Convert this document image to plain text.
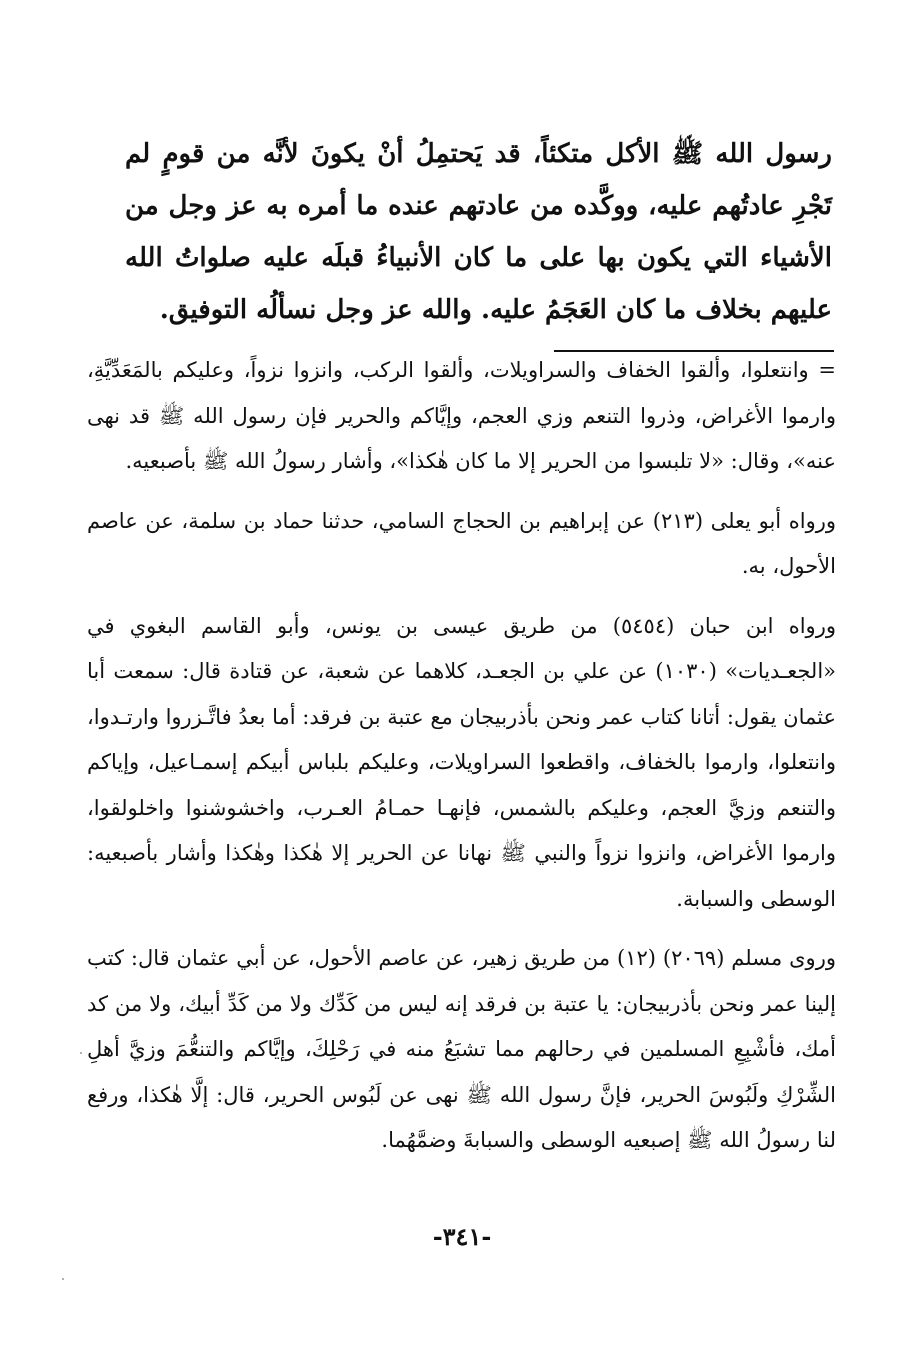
رسول الله ﷺ الأكل متكئاً، قد يَحتمِلُ أنْ يكونَ لأنَّه من قومٍ لم تَجْرِ عادتُهم عليه، ووكَّده من عادتهم عنده ما أمره به عز وجل من الأشياء التي يكون بها على ما كان الأنبياءُ قبلَه عليه صلواتُ الله عليهم بخلاف ما كان العَجَمُ عليه. والله عز وجل نسألُه التوفيق.

= وانتعلوا، وألقوا الخفاف والسراويلات، وألقوا الركب، وانزوا نزواً، وعليكم بالمَعَدِّيَّةِ، وارموا الأغراض، وذروا التنعم وزي العجم، وإيَّاكم والحرير فإن رسول الله ﷺ قد نهى عنه»، وقال: «لا تلبسوا من الحرير إلا ما كان هٰكذا»، وأشار رسولُ الله ﷺ بأصبعيه.

ورواه أبو يعلى (٢١٣) عن إبراهيم بن الحجاج السامي، حدثنا حماد بن سلمة، عن عاصم الأحول، به.

ورواه ابن حبان (٥٤٥٤) من طريق عيسى بن يونس، وأبو القاسم البغوي في «الجعـديات» (١٠٣٠) عن علي بن الجعـد، كلاهما عن شعبة، عن قتادة قال: سمعت أبا عثمان يقول: أتانا كتاب عمر ونحن بأذربيجان مع عتبة بن فرقد: أما بعدُ فاتَّـزروا وارتـدوا، وانتعلوا، وارموا بالخفاف، واقطعوا السراويلات، وعليكم بلباس أبيكم إسمـاعيل، وإياكم والتنعم وزيَّ العجم، وعليكم بالشمس، فإنهـا حمـامُ العـرب، واخشوشنوا واخلولقوا، وارموا الأغراض، وانزوا نزواً والنبي ﷺ نهانا عن الحرير إلا هٰكذا وهٰكذا وأشار بأصبعيه: الوسطى والسبابة.

وروى مسلم (٢٠٦٩) (١٢) من طريق زهير، عن عاصم الأحول، عن أبي عثمان قال: كتب إلينا عمر ونحن بأذربيجان: يا عتبة بن فرقد إنه ليس من كَدِّك ولا من كَدِّ أبيك، ولا من كد أمك، فأشْبِعِ المسلمين في رحالهم مما تشبَعُ منه في رَحْلِكَ، وإيَّاكم والتنعُّمَ وزيَّ أهلِ الشِّرْكِ ولَبُوسَ الحرير، فإنَّ رسول الله ﷺ نهى عن لَبُوس الحرير، قال: إلَّا هٰكذا، ورفع لنا رسولُ الله ﷺ إصبعيه الوسطى والسبابةَ وضمَّهُما.

-٣٤١-
